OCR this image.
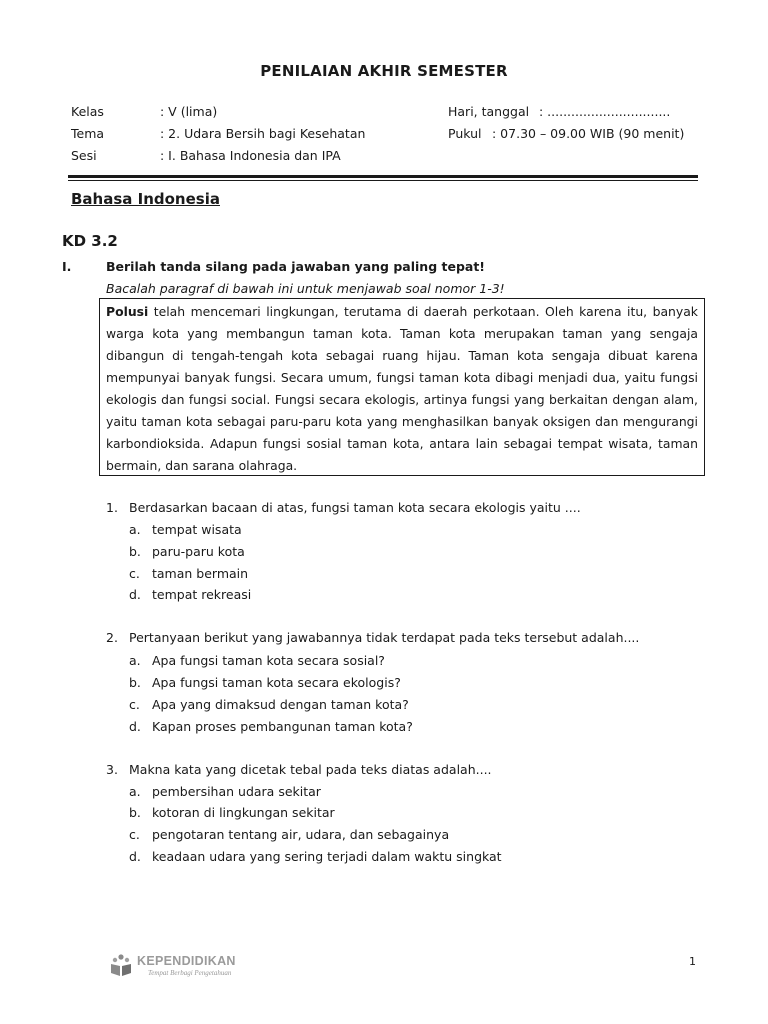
PENILAIAN AKHIR SEMESTER
Kelas	: V (lima)
Tema	: 2. Udara Bersih bagi Kesehatan
Sesi	: I. Bahasa Indonesia dan IPA
Hari, tanggal : ...............................
Pukul : 07.30 – 09.00 WIB (90 menit)
Bahasa Indonesia
KD 3.2
I.	Berilah tanda silang pada jawaban yang paling tepat!
Bacalah paragraf di bawah ini untuk menjawab soal nomor 1-3!
Polusi telah mencemari lingkungan, terutama di daerah perkotaan. Oleh karena itu, banyak warga kota yang membangun taman kota. Taman kota merupakan taman yang sengaja dibangun di tengah-tengah kota sebagai ruang hijau. Taman kota sengaja dibuat karena mempunyai banyak fungsi. Secara umum, fungsi taman kota dibagi menjadi dua, yaitu fungsi ekologis dan fungsi social. Fungsi secara ekologis, artinya fungsi yang berkaitan dengan alam, yaitu taman kota sebagai paru-paru kota yang menghasilkan banyak oksigen dan mengurangi karbondioksida. Adapun fungsi sosial taman kota, antara lain sebagai tempat wisata, taman bermain, dan sarana olahraga.
1. Berdasarkan bacaan di atas, fungsi taman kota secara ekologis yaitu ....
a. tempat wisata
b. paru-paru kota
c. taman bermain
d. tempat rekreasi
2. Pertanyaan berikut yang jawabannya tidak terdapat pada teks tersebut adalah....
a. Apa fungsi taman kota secara sosial?
b. Apa fungsi taman kota secara ekologis?
c. Apa yang dimaksud dengan taman kota?
d. Kapan proses pembangunan taman kota?
3. Makna kata yang dicetak tebal pada teks diatas adalah....
a. pembersihan udara sekitar
b. kotoran di lingkungan sekitar
c. pengotaran tentang air, udara, dan sebagainya
d. keadaan udara yang sering terjadi dalam waktu singkat
KEPENDIDIKAN
Tempat Berbagi Pengetahuan
1
